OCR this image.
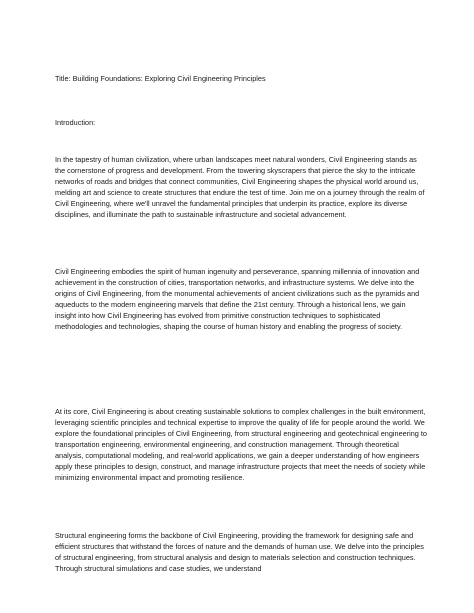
Title: Building Foundations: Exploring Civil Engineering Principles

Introduction:

In the tapestry of human civilization, where urban landscapes meet natural wonders, Civil Engineering stands as the cornerstone of progress and development. From the towering skyscrapers that pierce the sky to the intricate networks of roads and bridges that connect communities, Civil Engineering shapes the physical world around us, melding art and science to create structures that endure the test of time. Join me on a journey through the realm of Civil Engineering, where we'll unravel the fundamental principles that underpin its practice, explore its diverse disciplines, and illuminate the path to sustainable infrastructure and societal advancement.

Civil Engineering embodies the spirit of human ingenuity and perseverance, spanning millennia of innovation and achievement in the construction of cities, transportation networks, and infrastructure systems. We delve into the origins of Civil Engineering, from the monumental achievements of ancient civilizations such as the pyramids and aqueducts to the modern engineering marvels that define the 21st century. Through a historical lens, we gain insight into how Civil Engineering has evolved from primitive construction techniques to sophisticated methodologies and technologies, shaping the course of human history and enabling the progress of society.

At its core, Civil Engineering is about creating sustainable solutions to complex challenges in the built environment, leveraging scientific principles and technical expertise to improve the quality of life for people around the world. We explore the foundational principles of Civil Engineering, from structural engineering and geotechnical engineering to transportation engineering, environmental engineering, and construction management. Through theoretical analysis, computational modeling, and real-world applications, we gain a deeper understanding of how engineers apply these principles to design, construct, and manage infrastructure projects that meet the needs of society while minimizing environmental impact and promoting resilience.

Structural engineering forms the backbone of Civil Engineering, providing the framework for designing safe and efficient structures that withstand the forces of nature and the demands of human use. We delve into the principles of structural engineering, from structural analysis and design to materials selection and construction techniques. Through structural simulations and case studies, we understand
